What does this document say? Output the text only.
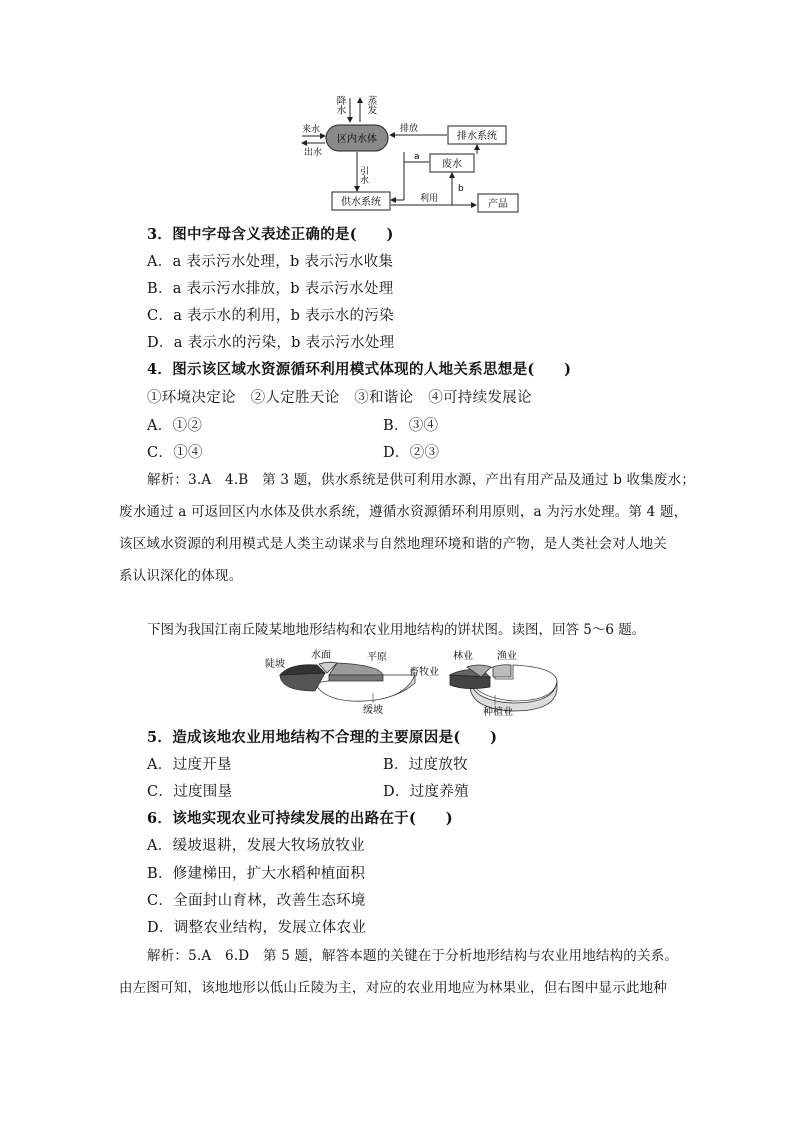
降水 蒸发
区内水体
来水
出水
排水系统
排放
废水
a
引水
供水系统	利用
b
产品
3．图中字母含义表述正确的是(　　)
A．a 表示污水处理，b 表示污水收集
B．a 表示污水排放，b 表示污水处理
C．a 表示水的利用，b 表示水的污染
D．a 表示水的污染，b 表示污水处理
4．图示该区域水资源循环利用模式体现的人地关系思想是(　　)
①环境决定论　②人定胜天论　③和谐论　④可持续发展论
A．①②	B．③④
C．①④	D．②③

解析：3.A　4.B　第 3 题，供水系统是供可利用水源，产出有用产品及通过 b 收集废水；

废水通过 a 可返回区内水体及供水系统，遵循水资源循环利用原则，a 为污水处理。第 4 题，

该区域水资源的利用模式是人类主动谋求与自然地理环境和谐的产物，是人类社会对人地关

系认识深化的体现。

下图为我国江南丘陵某地地形结构和农业用地结构的饼状图。读图，回答 5～6 题。
陡坡
水面	平原
缓坡
林业 渔业
畜牧业
种植业
5．造成该地农业用地结构不合理的主要原因是(　　)
A．过度开垦	B．过度放牧
C．过度围垦	D．过度养殖
6．该地实现农业可持续发展的出路在于(　　)
A．缓坡退耕，发展大牧场放牧业
B．修建梯田，扩大水稻种植面积
C．全面封山育林，改善生态环境
D．调整农业结构，发展立体农业

解析：5.A　6.D　第 5 题，解答本题的关键在于分析地形结构与农业用地结构的关系。

由左图可知，该地地形以低山丘陵为主，对应的农业用地应为林果业，但右图中显示此地种
